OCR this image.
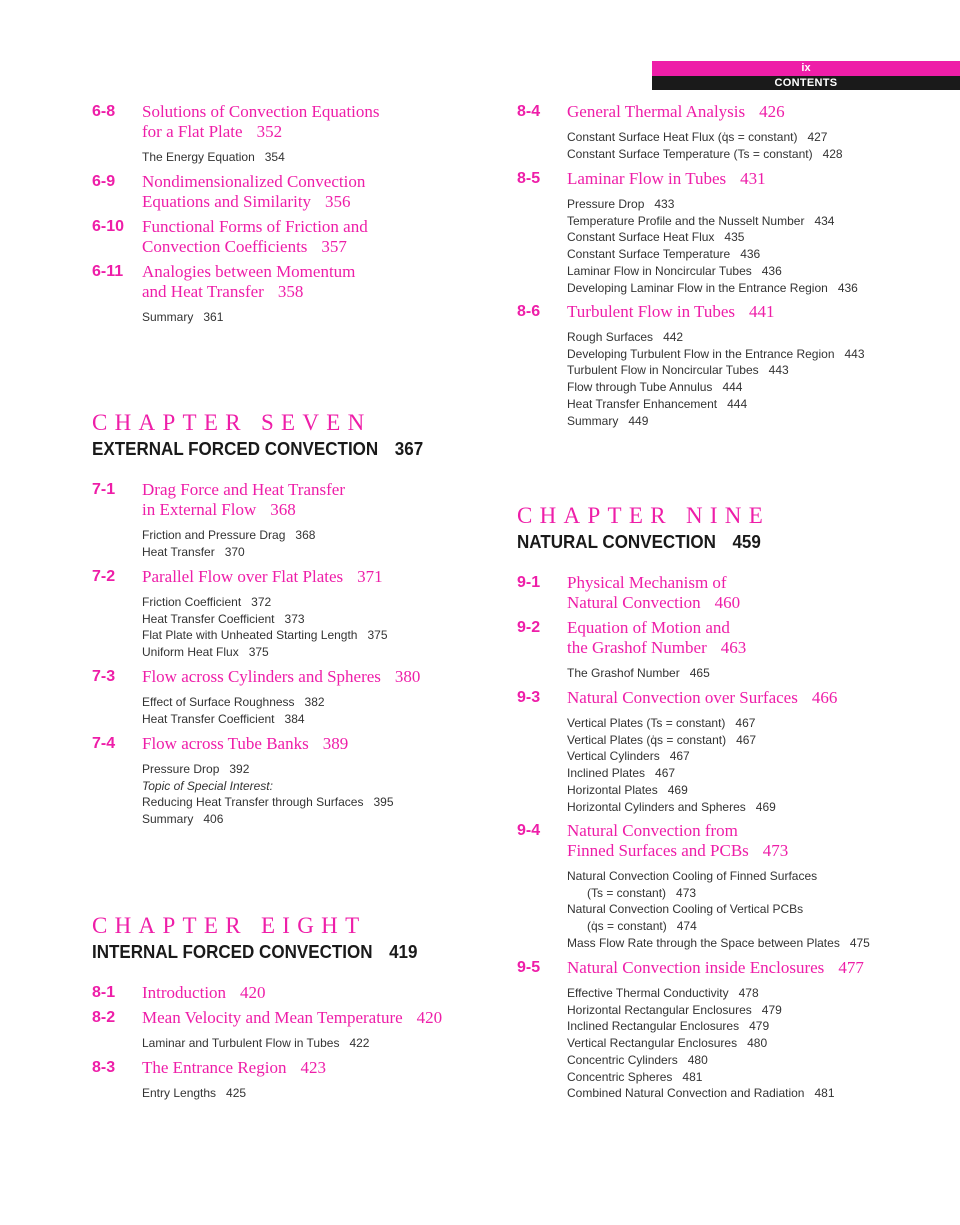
ix
CONTENTS
6-8 Solutions of Convection Equations
for a Flat Plate 352
The Energy Equation 354
6-9 Nondimensionalized Convection
Equations and Similarity 356
6-10 Functional Forms of Friction and
Convection Coefficients 357
6-11 Analogies between Momentum
and Heat Transfer 358
Summary 361
CHAPTER SEVEN
EXTERNAL FORCED CONVECTION 367
7-1 Drag Force and Heat Transfer
in External Flow 368
Friction and Pressure Drag 368
Heat Transfer 370
7-2 Parallel Flow over Flat Plates 371
Friction Coefficient 372
Heat Transfer Coefficient 373
Flat Plate with Unheated Starting Length 375
Uniform Heat Flux 375
7-3 Flow across Cylinders and Spheres 380
Effect of Surface Roughness 382
Heat Transfer Coefficient 384
7-4 Flow across Tube Banks 389
Pressure Drop 392
Topic of Special Interest:
Reducing Heat Transfer through Surfaces 395
Summary 406
CHAPTER EIGHT
INTERNAL FORCED CONVECTION 419
8-1 Introduction 420
8-2 Mean Velocity and Mean Temperature 420
Laminar and Turbulent Flow in Tubes 422
8-3 The Entrance Region 423
Entry Lengths 425
8-4 General Thermal Analysis 426
Constant Surface Heat Flux (q̇s = constant) 427
Constant Surface Temperature (Ts = constant) 428
8-5 Laminar Flow in Tubes 431
Pressure Drop 433
Temperature Profile and the Nusselt Number 434
Constant Surface Heat Flux 435
Constant Surface Temperature 436
Laminar Flow in Noncircular Tubes 436
Developing Laminar Flow in the Entrance Region 436
8-6 Turbulent Flow in Tubes 441
Rough Surfaces 442
Developing Turbulent Flow in the Entrance Region 443
Turbulent Flow in Noncircular Tubes 443
Flow through Tube Annulus 444
Heat Transfer Enhancement 444
Summary 449
CHAPTER NINE
NATURAL CONVECTION 459
9-1 Physical Mechanism of
Natural Convection 460
9-2 Equation of Motion and
the Grashof Number 463
The Grashof Number 465
9-3 Natural Convection over Surfaces 466
Vertical Plates (Ts = constant) 467
Vertical Plates (q̇s = constant) 467
Vertical Cylinders 467
Inclined Plates 467
Horizontal Plates 469
Horizontal Cylinders and Spheres 469
9-4 Natural Convection from
Finned Surfaces and PCBs 473
Natural Convection Cooling of Finned Surfaces
(Ts = constant) 473
Natural Convection Cooling of Vertical PCBs
(q̇s = constant) 474
Mass Flow Rate through the Space between Plates 475
9-5 Natural Convection inside Enclosures 477
Effective Thermal Conductivity 478
Horizontal Rectangular Enclosures 479
Inclined Rectangular Enclosures 479
Vertical Rectangular Enclosures 480
Concentric Cylinders 480
Concentric Spheres 481
Combined Natural Convection and Radiation 481
